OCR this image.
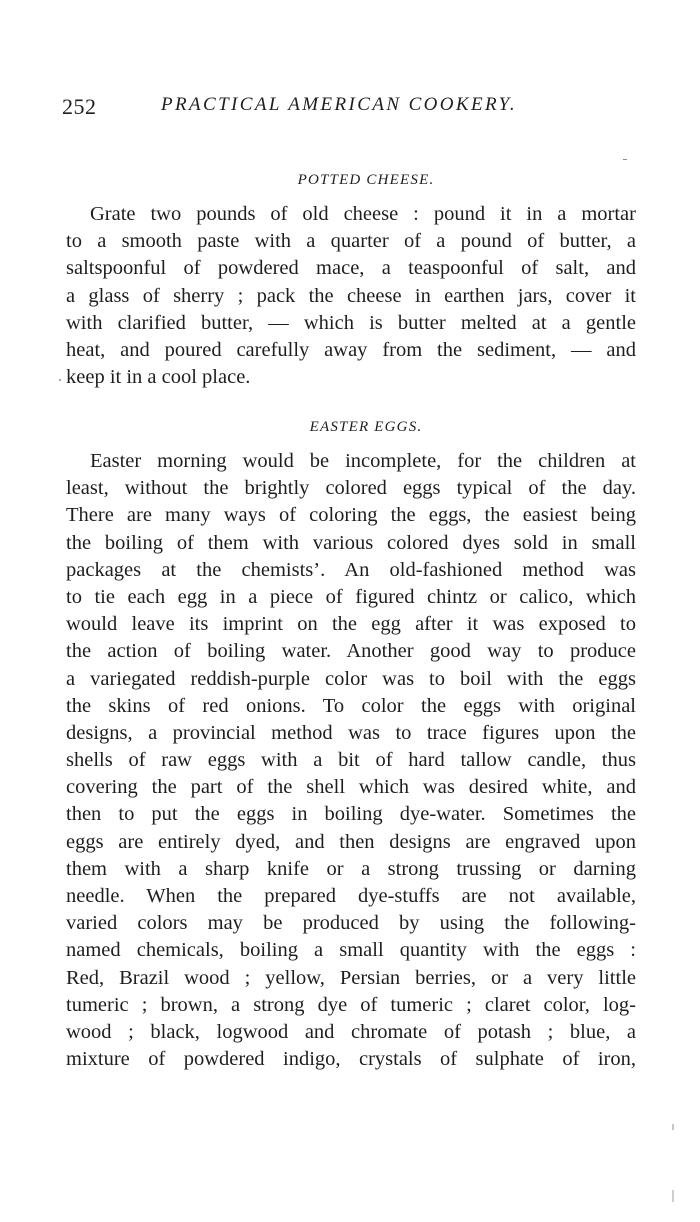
252	PRACTICAL AMERICAN COOKERY.
POTTED CHEESE.
Grate two pounds of old cheese : pound it in a mortar
to a smooth paste with a quarter of a pound of butter, a
saltspoonful of powdered mace, a teaspoonful of salt, and
a glass of sherry ; pack the cheese in earthen jars, cover it
with clarified butter, — which is butter melted at a gentle
heat, and poured carefully away from the sediment, — and
keep it in a cool place.
EASTER EGGS.
Easter morning would be incomplete, for the children at
least, without the brightly colored eggs typical of the day.
There are many ways of coloring the eggs, the easiest being
the boiling of them with various colored dyes sold in small
packages at the chemists’. An old-fashioned method was
to tie each egg in a piece of figured chintz or calico, which
would leave its imprint on the egg after it was exposed to
the action of boiling water. Another good way to produce
a variegated reddish-purple color was to boil with the eggs
the skins of red onions. To color the eggs with original
designs, a provincial method was to trace figures upon the
shells of raw eggs with a bit of hard tallow candle, thus
covering the part of the shell which was desired white, and
then to put the eggs in boiling dye-water. Sometimes the
eggs are entirely dyed, and then designs are engraved upon
them with a sharp knife or a strong trussing or darning
needle. When the prepared dye-stuffs are not available,
varied colors may be produced by using the following-
named chemicals, boiling a small quantity with the eggs :
Red, Brazil wood ; yellow, Persian berries, or a very little
tumeric ; brown, a strong dye of tumeric ; claret color, log-
wood ; black, logwood and chromate of potash ; blue, a
mixture of powdered indigo, crystals of sulphate of iron,
